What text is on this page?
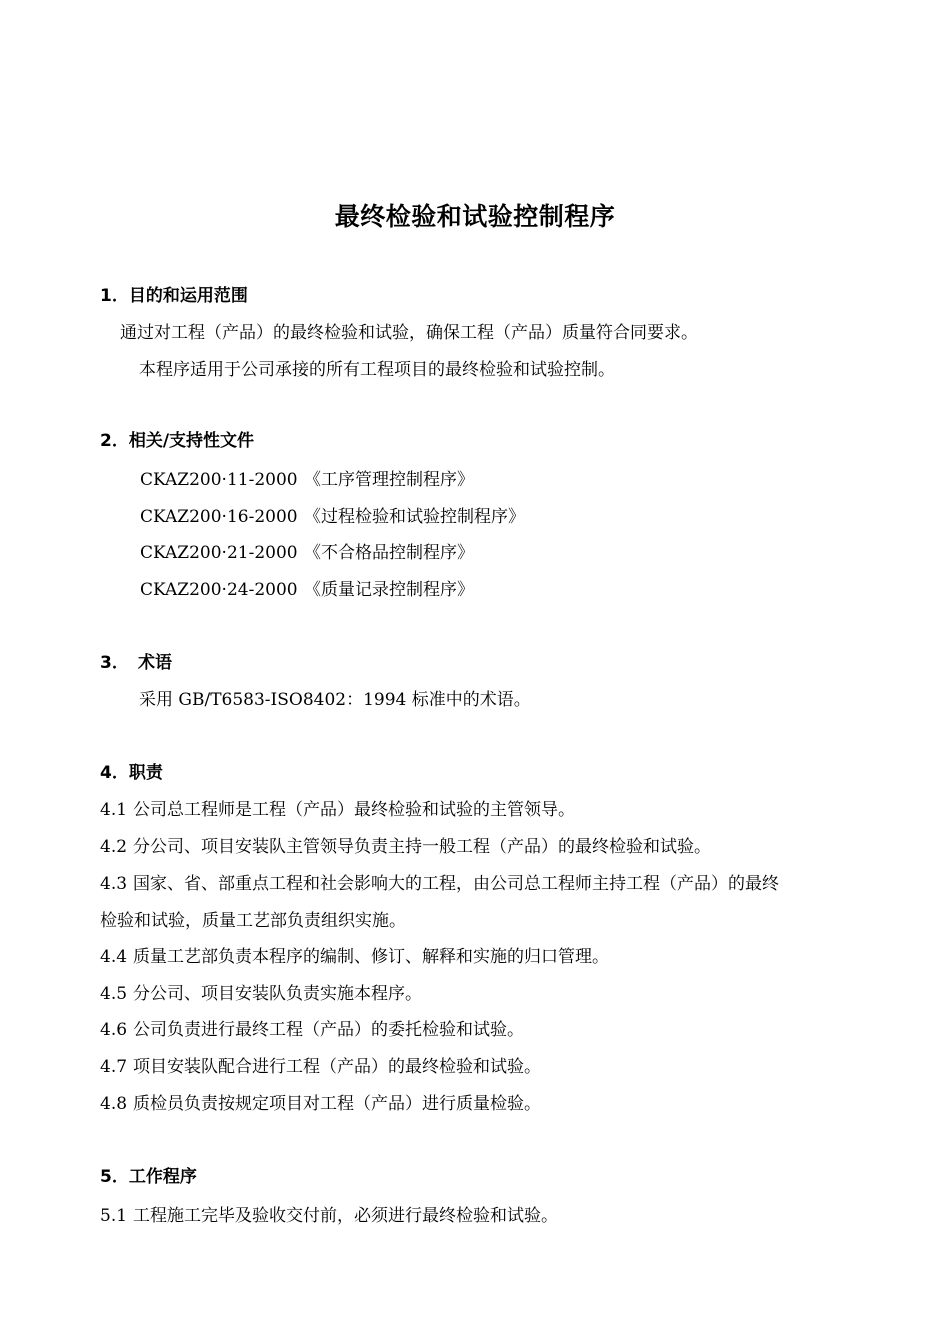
最终检验和试验控制程序
1．目的和运用范围
通过对工程（产品）的最终检验和试验，确保工程（产品）质量符合同要求。
本程序适用于公司承接的所有工程项目的最终检验和试验控制。
2．相关/支持性文件
CKAZ200·11-2000 《工序管理控制程序》
CKAZ200·16-2000 《过程检验和试验控制程序》
CKAZ200·21-2000 《不合格品控制程序》
CKAZ200·24-2000 《质量记录控制程序》
3． 术语
采用 GB/T6583-ISO8402：1994 标准中的术语。
4．职责
4.1 公司总工程师是工程（产品）最终检验和试验的主管领导。
4.2 分公司、项目安装队主管领导负责主持一般工程（产品）的最终检验和试验。
4.3 国家、省、部重点工程和社会影响大的工程，由公司总工程师主持工程（产品）的最终
检验和试验，质量工艺部负责组织实施。
4.4 质量工艺部负责本程序的编制、修订、解释和实施的归口管理。
4.5 分公司、项目安装队负责实施本程序。
4.6 公司负责进行最终工程（产品）的委托检验和试验。
4.7 项目安装队配合进行工程（产品）的最终检验和试验。
4.8 质检员负责按规定项目对工程（产品）进行质量检验。
5．工作程序
5.1 工程施工完毕及验收交付前，必须进行最终检验和试验。
